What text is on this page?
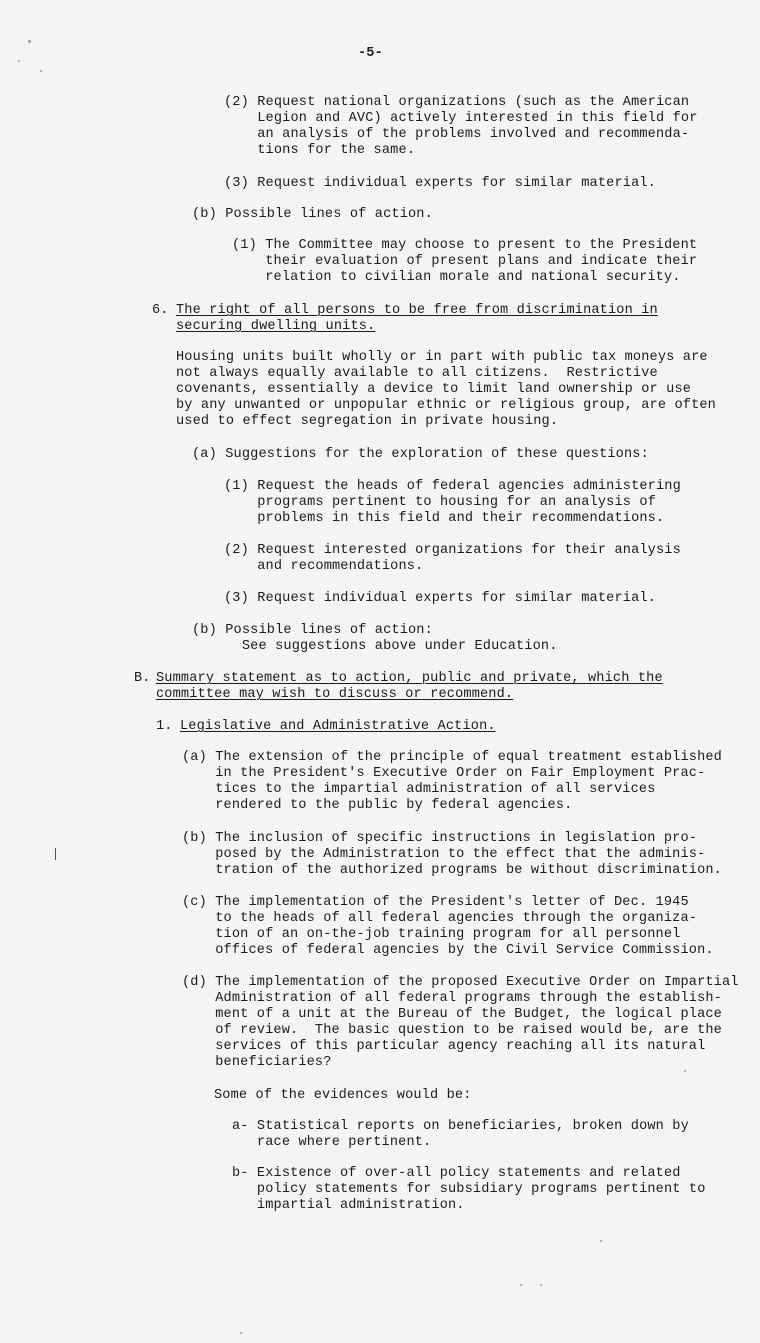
-5-
(2) Request national organizations (such as the American
Legion and AVC) actively interested in this field for
an analysis of the problems involved and recommenda-
tions for the same.
(3) Request individual experts for similar material.
(b) Possible lines of action.
(1) The Committee may choose to present to the President
their evaluation of present plans and indicate their
relation to civilian morale and national security.
6. The right of all persons to be free from discrimination in
securing dwelling units.
Housing units built wholly or in part with public tax moneys are
not always equally available to all citizens.  Restrictive
covenants, essentially a device to limit land ownership or use
by any unwanted or unpopular ethnic or religious group, are often
used to effect segregation in private housing.
(a) Suggestions for the exploration of these questions:
(1) Request the heads of federal agencies administering
programs pertinent to housing for an analysis of
problems in this field and their recommendations.
(2) Request interested organizations for their analysis
and recommendations.
(3) Request individual experts for similar material.
(b) Possible lines of action:
See suggestions above under Education.
B. Summary statement as to action, public and private, which the
committee may wish to discuss or recommend.
1. Legislative and Administrative Action.
(a) The extension of the principle of equal treatment established
in the President's Executive Order on Fair Employment Prac-
tices to the impartial administration of all services
rendered to the public by federal agencies.
(b) The inclusion of specific instructions in legislation pro-
posed by the Administration to the effect that the adminis-
tration of the authorized programs be without discrimination.
(c) The implementation of the President's letter of Dec. 1945
to the heads of all federal agencies through the organiza-
tion of an on-the-job training program for all personnel
offices of federal agencies by the Civil Service Commission.
(d) The implementation of the proposed Executive Order on Impartial
Administration of all federal programs through the establish-
ment of a unit at the Bureau of the Budget, the logical place
of review.  The basic question to be raised would be, are the
services of this particular agency reaching all its natural
beneficiaries?
Some of the evidences would be:
a- Statistical reports on beneficiaries, broken down by
race where pertinent.
b- Existence of over-all policy statements and related
policy statements for subsidiary programs pertinent to
impartial administration.
